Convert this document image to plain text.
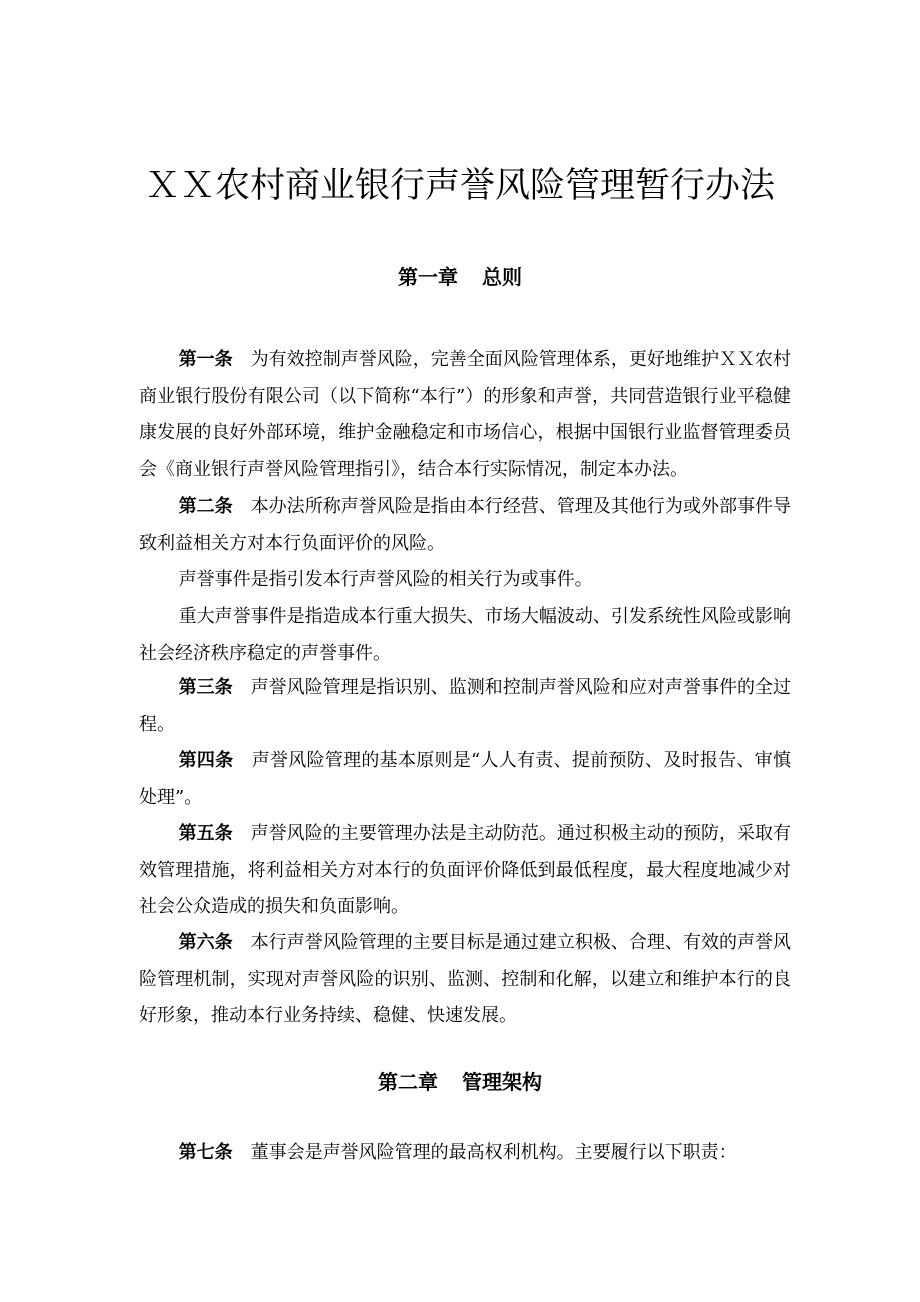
ＸＸ农村商业银行声誉风险管理暂行办法
第一章 总则

第一条 为有效控制声誉风险，完善全面风险管理体系，更好地维护ＸＸ农村商业银行股份有限公司（以下简称“本行”）的形象和声誉，共同营造银行业平稳健康发展的良好外部环境，维护金融稳定和市场信心，根据中国银行业监督管理委员会《商业银行声誉风险管理指引》，结合本行实际情况，制定本办法。

第二条 本办法所称声誉风险是指由本行经营、管理及其他行为或外部事件导致利益相关方对本行负面评价的风险。

声誉事件是指引发本行声誉风险的相关行为或事件。

重大声誉事件是指造成本行重大损失、市场大幅波动、引发系统性风险或影响社会经济秩序稳定的声誉事件。

第三条 声誉风险管理是指识别、监测和控制声誉风险和应对声誉事件的全过程。

第四条 声誉风险管理的基本原则是“人人有责、提前预防、及时报告、审慎处理”。

第五条 声誉风险的主要管理办法是主动防范。通过积极主动的预防，采取有效管理措施，将利益相关方对本行的负面评价降低到最低程度，最大程度地减少对社会公众造成的损失和负面影响。

第六条 本行声誉风险管理的主要目标是通过建立积极、合理、有效的声誉风险管理机制，实现对声誉风险的识别、监测、控制和化解，以建立和维护本行的良好形象，推动本行业务持续、稳健、快速发展。

第二章 管理架构

第七条 董事会是声誉风险管理的最高权利机构。主要履行以下职责：
